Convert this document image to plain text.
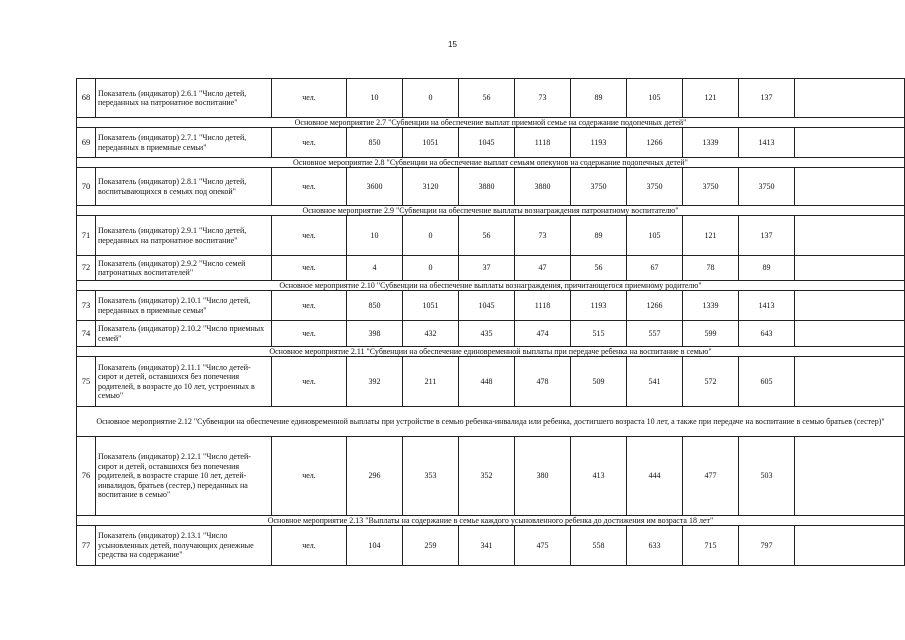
15
68	Показатель (индикатор) 2.6.1 "Число детей, переданных на патронатное воспитание"	чел.	10	0	56	73	89	105	121	137	
Основное мероприятие 2.7 "Субвенции на обеспечение выплат приемной семье на содержание подопечных детей"											
69	Показатель (индикатор) 2.7.1 "Число детей, переданных в приемные семьи"	чел.	850	1051	1045	1118	1193	1266	1339	1413	
Основное мероприятие 2.8 "Субвенции на обеспечение выплат семьям опекунов на содержание подопечных детей"											
70	Показатель (индикатор) 2.8.1 "Число детей, воспитывающихся в семьях под опекой"	чел.	3600	3120	3880	3880	3750	3750	3750	3750	
Основное мероприятие 2.9 "Субвенции на обеспечение выплаты вознаграждения патронатному воспитателю"											
71	Показатель (индикатор) 2.9.1 "Число детей, переданных на патронатное воспитание"	чел.	10	0	56	73	89	105	121	137	
72	Показатель (индикатор) 2.9.2 "Число семей патронатных воспитателей"	чел.	4	0	37	47	56	67	78	89	
Основное мероприятие 2.10 "Субвенции на обеспечение выплаты вознаграждения, причитающегося приемному родителю"											
73	Показатель (индикатор) 2.10.1 "Число детей, переданных в приемные семьи"	чел.	850	1051	1045	1118	1193	1266	1339	1413	
74	Показатель (индикатор) 2.10.2 "Число приемных семей"	чел.	398	432	435	474	515	557	599	643	
Основное мероприятие 2.11 "Субвенции на обеспечение единовременной выплаты при передаче ребенка на воспитание в семью"											
75	Показатель (индикатор) 2.11.1 "Число детей-сирот и детей, оставшихся без попечения родителей, в возрасте до 10 лет, устроенных в семью"	чел.	392	211	448	478	509	541	572	605	
Основное мероприятие 2.12 "Субвенции на обеспечение единовременной выплаты при устройстве в семью ребенка-инвалида или ребенка, достигшего возраста 10 лет, а также при передаче на воспитание в семью братьев (сестер)"											
76	Показатель (индикатор) 2.12.1 "Число детей-сирот и детей, оставшихся без попечения родителей, в возрасте старше 10 лет, детей-инвалидов, братьев (сестер,) переданных на воспитание в семью"	чел.	296	353	352	380	413	444	477	503	
Основное мероприятие 2.13 "Выплаты на содержание в семье каждого усыновленного ребенка до достижения им возраста 18 лет"											
77	Показатель (индикатор) 2.13.1 "Число усыновленных детей, получающих денежные средства на содержание"	чел.	104	259	341	475	558	633	715	797	
